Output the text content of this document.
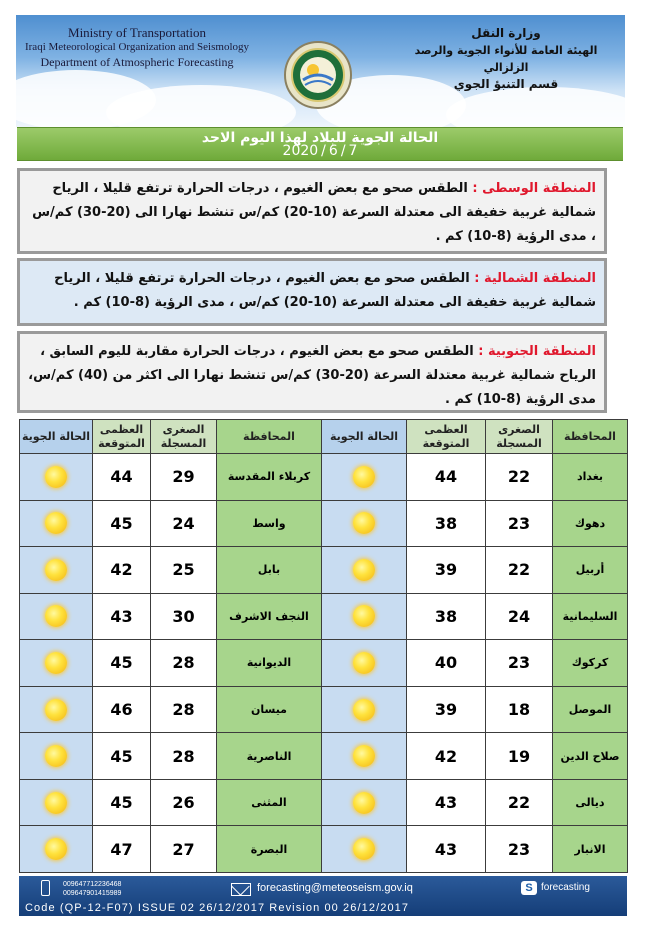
Ministry of Transportation
Iraqi Meteorological Organization and Seismology
Department of Atmospheric Forecasting
وزارة النقل
الهيئة العامة للأنواء الجوية والرصد الزلزالي
قسم التنبؤ الجوي
الحالة الجوية للبلاد لهذا اليوم الاحد
2020 / 6 / 7
المنطقة الوسطى : الطقس صحو مع بعض الغيوم ، درجات الحرارة ترتفع قليلا ، الرياح شمالية غربية خفيفة الى معتدلة السرعة (10-20) كم/س تنشط نهارا الى (20-30) كم/س ، مدى الرؤية (8-10) كم .
المنطقة الشمالية : الطقس صحو مع بعض الغيوم ، درجات الحرارة ترتفع قليلا ، الرياح شمالية غربية خفيفة الى معتدلة السرعة (10-20) كم/س ، مدى الرؤية (8-10) كم .
المنطقة الجنوبية : الطقس صحو مع بعض الغيوم ، درجات الحرارة مقاربة لليوم السابق ، الرياح شمالية غربية معتدلة السرعة (20-30) كم/س تنشط نهارا الى اكثر من (40) كم/س، مدى الرؤية (8-10) كم .
المحافظة	الصغرى المسجلة	العظمى المتوقعة	الحالة الجوية	المحافظة	الصغرى المسجلة	العظمى المتوقعة	الحالة الجوية
بغداد	22	44		كربلاء المقدسة	29	44	
دهوك	23	38		واسط	24	45	
أربيل	22	39		بابل	25	42	
السليمانية	24	38		النجف الاشرف	30	43	
كركوك	23	40		الديوانية	28	45	
الموصل	18	39		ميسان	28	46	
صلاح الدين	19	42		الناصرية	28	45	
ديالى	22	43		المثنى	26	45	
الانبار	23	43		البصرة	27	47	
009647712236468
009647901415989	forecasting@meteoseism.gov.iq	S forecasting
Code (QP-12-F07) ISSUE 02 26/12/2017 Revision 00 26/12/2017
